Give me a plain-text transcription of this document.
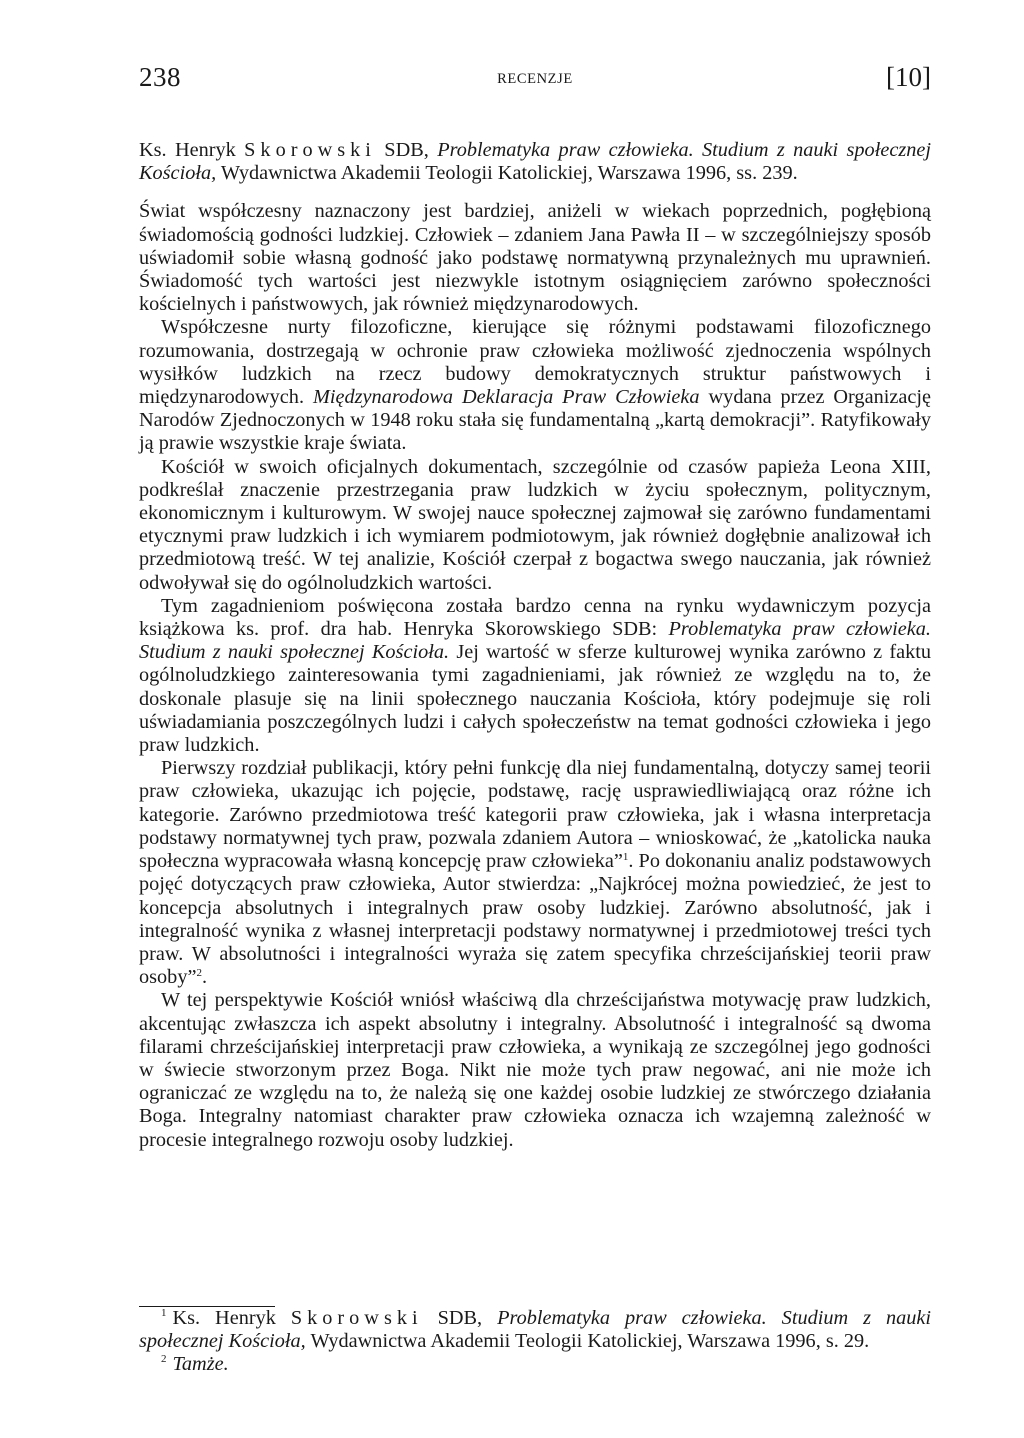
238	RECENZJE	[10]

Ks. Henryk Skorowski SDB, Problematyka praw człowieka. Studium z nauki społecznej Kościoła, Wydawnictwa Akademii Teologii Katolickiej, Warszawa 1996, ss. 239.

Świat współczesny naznaczony jest bardziej, aniżeli w wiekach poprzednich, pogłębioną świadomością godności ludzkiej. Człowiek – zdaniem Jana Pawła II – w szczególniejszy sposób uświadomił sobie własną godność jako podstawę normatywną przynależnych mu uprawnień. Świadomość tych wartości jest niezwykle istotnym osiągnięciem zarówno społeczności kościelnych i państwowych, jak również międzynarodowych.

Współczesne nurty filozoficzne, kierujące się różnymi podstawami filozoficznego rozumowania, dostrzegają w ochronie praw człowieka możliwość zjednoczenia wspólnych wysiłków ludzkich na rzecz budowy demokratycznych struktur państwowych i międzynarodowych. Międzynarodowa Deklaracja Praw Człowieka wydana przez Organizację Narodów Zjednoczonych w 1948 roku stała się fundamentalną „kartą demokracji”. Ratyfikowały ją prawie wszystkie kraje świata.

Kościół w swoich oficjalnych dokumentach, szczególnie od czasów papieża Leona XIII, podkreślał znaczenie przestrzegania praw ludzkich w życiu społecznym, politycznym, ekonomicznym i kulturowym. W swojej nauce społecznej zajmował się zarówno fundamentami etycznymi praw ludzkich i ich wymiarem podmiotowym, jak również dogłębnie analizował ich przedmiotową treść. W tej analizie, Kościół czerpał z bogactwa swego nauczania, jak również odwoływał się do ogólnoludzkich wartości.

Tym zagadnieniom poświęcona została bardzo cenna na rynku wydawniczym pozycja książkowa ks. prof. dra hab. Henryka Skorowskiego SDB: Problematyka praw człowieka. Studium z nauki społecznej Kościoła. Jej wartość w sferze kulturowej wynika zarówno z faktu ogólnoludzkiego zainteresowania tymi zagadnieniami, jak również ze względu na to, że doskonale plasuje się na linii społecznego nauczania Kościoła, który podejmuje się roli uświadamiania poszczególnych ludzi i całych społeczeństw na temat godności człowieka i jego praw ludzkich.

Pierwszy rozdział publikacji, który pełni funkcję dla niej fundamentalną, dotyczy samej teorii praw człowieka, ukazując ich pojęcie, podstawę, rację usprawiedliwiającą oraz różne ich kategorie. Zarówno przedmiotowa treść kategorii praw człowieka, jak i własna interpretacja podstawy normatywnej tych praw, pozwala zdaniem Autora – wnioskować, że „katolicka nauka społeczna wypracowała własną koncepcję praw człowieka”$^1$. Po dokonaniu analiz podstawowych pojęć dotyczących praw człowieka, Autor stwierdza: „Najkrócej można powiedzieć, że jest to koncepcja absolutnych i integralnych praw osoby ludzkiej. Zarówno absolutność, jak i integralność wynika z własnej interpretacji podstawy normatywnej i przedmiotowej treści tych praw. W absolutności i integralności wyraża się zatem specyfika chrześcijańskiej teorii praw osoby”$^2$.

W tej perspektywie Kościół wniósł właściwą dla chrześcijaństwa motywację praw ludzkich, akcentując zwłaszcza ich aspekt absolutny i integralny. Absolutność i integralność są dwoma filarami chrześcijańskiej interpretacji praw człowieka, a wynikają ze szczególnej jego godności w świecie stworzonym przez Boga. Nikt nie może tych praw negować, ani nie może ich ograniczać ze względu na to, że należą się one każdej osobie ludzkiej ze stwórczego działania Boga. Integralny natomiast charakter praw człowieka oznacza ich wzajemną zależność w procesie integralnego rozwoju osoby ludzkiej.

$^1$ Ks. Henryk Skorowski SDB, Problematyka praw człowieka. Studium z nauki społecznej Kościoła, Wydawnictwa Akademii Teologii Katolickiej, Warszawa 1996, s. 29.

$^2$ Tamże.
